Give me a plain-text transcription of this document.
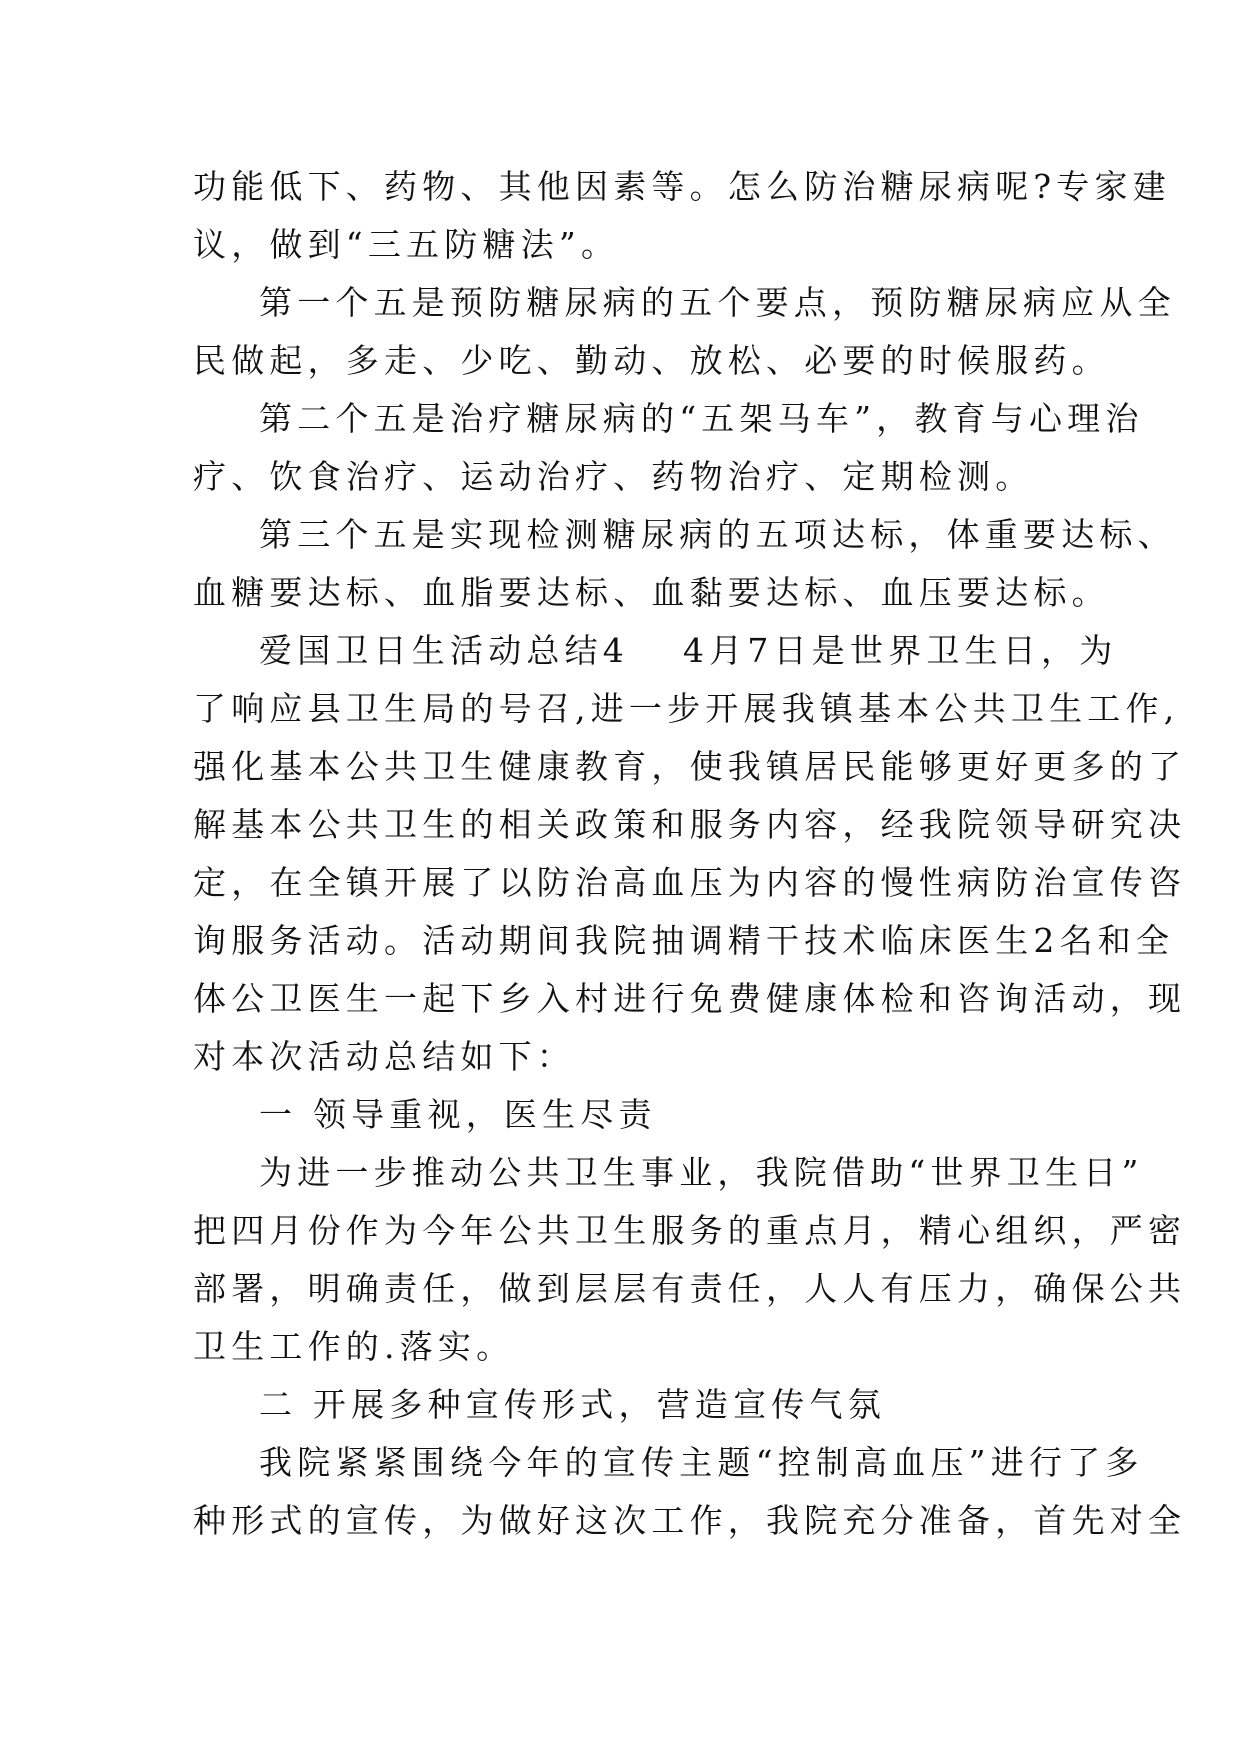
功能低下、药物、其他因素等。怎么防治糖尿病呢?专家建
议，做到“三五防糖法”。
第一个五是预防糖尿病的五个要点，预防糖尿病应从全
民做起，多走、少吃、勤动、放松、必要的时候服药。
第二个五是治疗糖尿病的“五架马车”，教育与心理治
疗、饮食治疗、运动治疗、药物治疗、定期检测。
第三个五是实现检测糖尿病的五项达标，体重要达标、
血糖要达标、血脂要达标、血黏要达标、血压要达标。
爱国卫日生活动总结4 4月7日是世界卫生日，为
了响应县卫生局的号召,进一步开展我镇基本公共卫生工作,
强化基本公共卫生健康教育，使我镇居民能够更好更多的了
解基本公共卫生的相关政策和服务内容，经我院领导研究决
定，在全镇开展了以防治高血压为内容的慢性病防治宣传咨
询服务活动。活动期间我院抽调精干技术临床医生2名和全
体公卫医生一起下乡入村进行免费健康体检和咨询活动，现
对本次活动总结如下：
一 领导重视，医生尽责
为进一步推动公共卫生事业，我院借助“世界卫生日”
把四月份作为今年公共卫生服务的重点月，精心组织，严密
部署，明确责任，做到层层有责任，人人有压力，确保公共
卫生工作的.落实。
二 开展多种宣传形式，营造宣传气氛
我院紧紧围绕今年的宣传主题“控制高血压”进行了多
种形式的宣传，为做好这次工作，我院充分准备，首先对全
